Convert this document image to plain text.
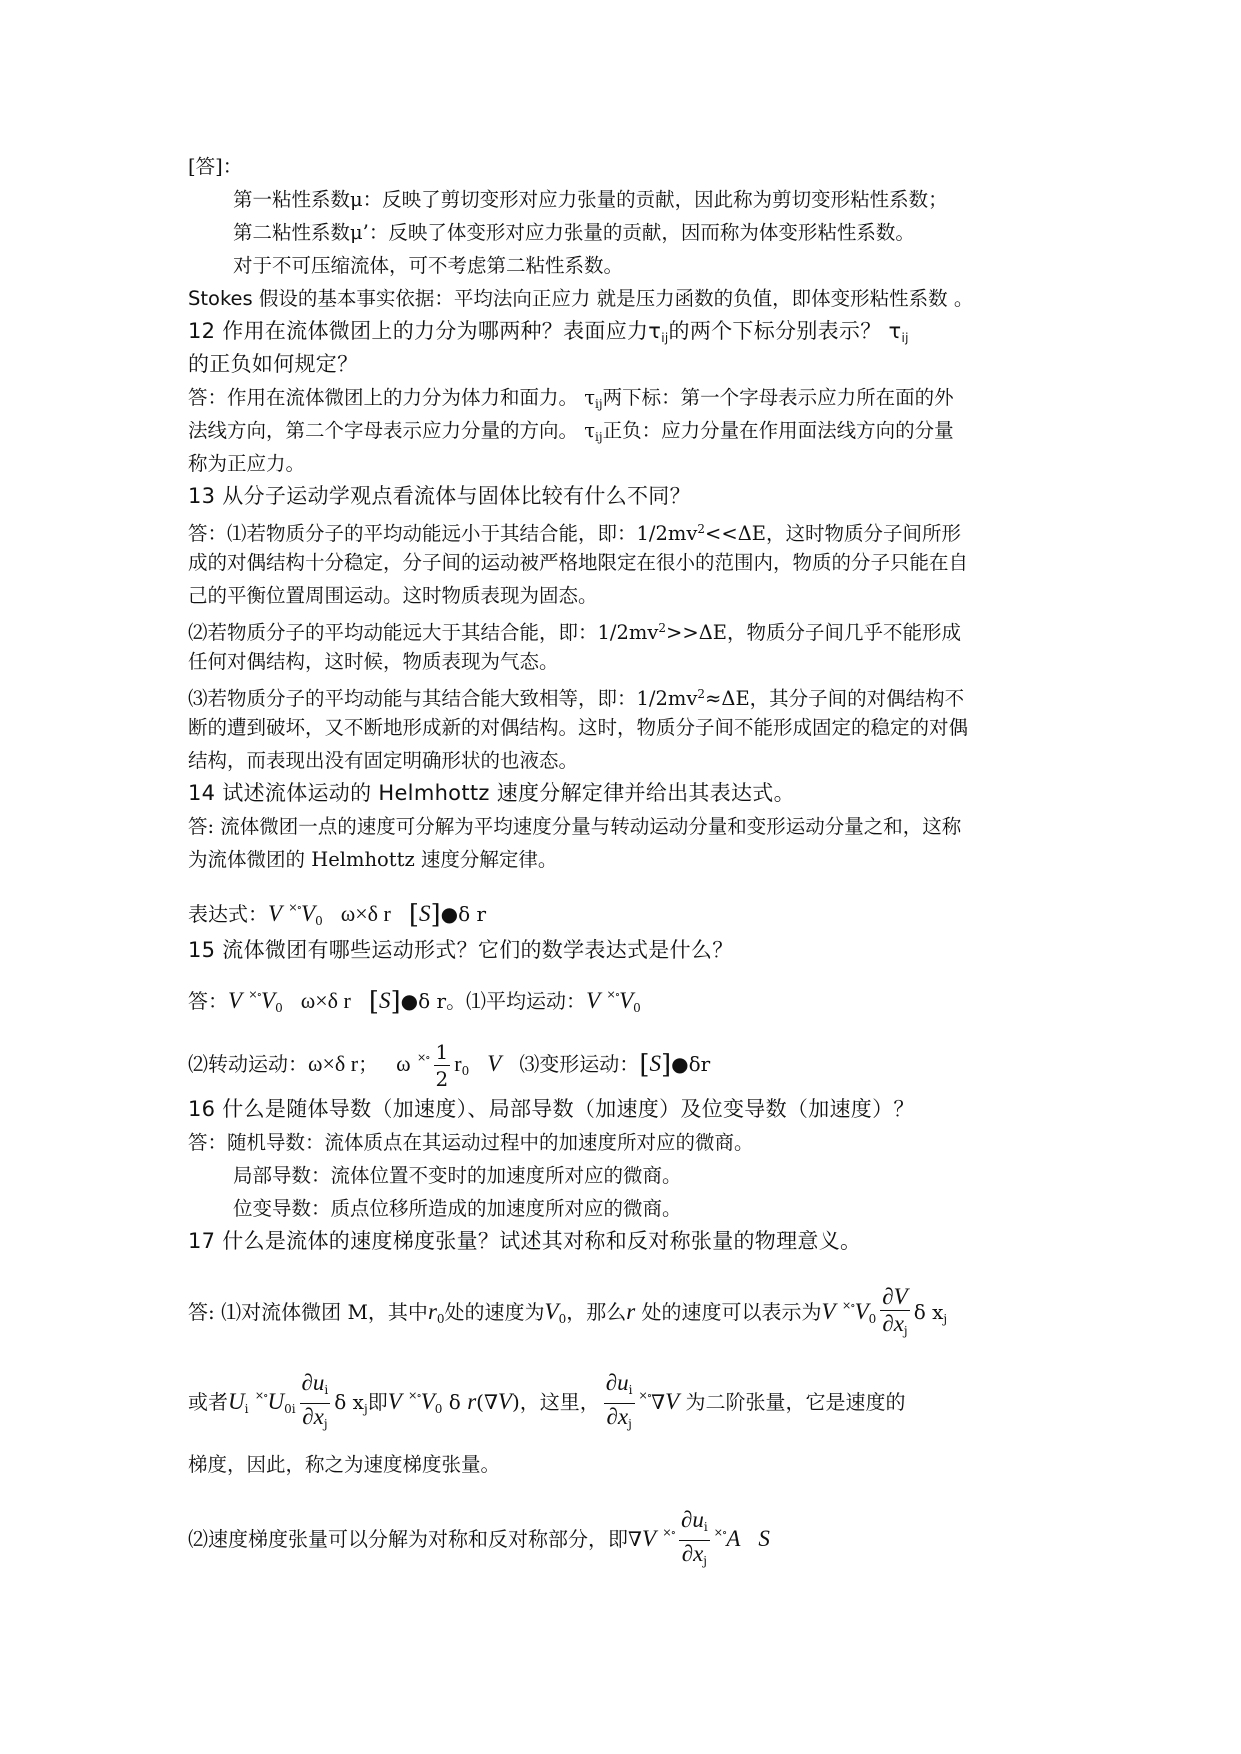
[答]：
第一粘性系数μ：反映了剪切变形对应力张量的贡献，因此称为剪切变形粘性系数；
第二粘性系数μ’：反映了体变形对应力张量的贡献，因而称为体变形粘性系数。
对于不可压缩流体，可不考虑第二粘性系数。
Stokes 假设的基本事实依据：平均法向正应力 就是压力函数的负值，即体变形粘性系数 。
12 作用在流体微团上的力分为哪两种？表面应力$\tau_{ij}$的两个下标分别表示？ $\tau_{ij}$
的正负如何规定？
答：作用在流体微团上的力分为体力和面力。 $\tau_{ij}$两下标：第一个字母表示应力所在面的外
法线方向，第二个字母表示应力分量的方向。 $\tau_{ij}$正负：应力分量在作用面法线方向的分量
称为正应力。
13 从分子运动学观点看流体与固体比较有什么不同？
答：⑴若物质分子的平均动能远小于其结合能，即：$1/2mv^2<<\Delta E$，这时物质分子间所形
成的对偶结构十分稳定，分子间的运动被严格地限定在很小的范围内，物质的分子只能在自
己的平衡位置周围运动。这时物质表现为固态。
⑵若物质分子的平均动能远大于其结合能，即：$1/2mv^2>>\Delta E$，物质分子间几乎不能形成
任何对偶结构，这时候，物质表现为气态。
⑶若物质分子的平均动能与其结合能大致相等，即：$1/2mv^2\approx\Delta E$，其分子间的对偶结构不
断的遭到破坏，又不断地形成新的对偶结构。这时，物质分子间不能形成固定的稳定的对偶
结构，而表现出没有固定明确形状的也液态。
14 试述流体运动的 Helmhottz 速度分解定律并给出其表达式。
答: 流体微团一点的速度可分解为平均速度分量与转动运动分量和变形运动分量之和，这称
为流体微团的 Helmhottz 速度分解定律。
表达式：V $^{\times\circ}V_0$ ω×δ r [S]●δ r
15 流体微团有哪些运动形式？它们的数学表达式是什么？
答：V $^{\times\circ}V_0$ ω×δ r [S]●δ r。⑴平均运动：V $^{\times\circ}V_0$
⑵转动运动：ω×δ r； ω $^{\times\circ} \frac{1}{2} r_0$ V ⑶变形运动：[S]●δr
16 什么是随体导数（加速度）、局部导数（加速度）及位变导数（加速度）？
答：随机导数：流体质点在其运动过程中的加速度所对应的微商。
局部导数：流体位置不变时的加速度所对应的微商。
位变导数：质点位移所造成的加速度所对应的微商。
17 什么是流体的速度梯度张量？试述其对称和反对称张量的物理意义。
答: ⑴对流体微团 M，其中$r_0$处的速度为$V_0$，那么r 处的速度可以表示为V $^{\times\circ}V_0 \frac{\partial V}{\partial x_j}$ δ $x_j$
或者$U_i$ $^{\times\circ}U_{0i} \frac{\partial u_i}{\partial x_j}$ δ $x_j$即V $^{\times\circ}V_0$ δ r(∇V)，这里， $\frac{\partial u_i}{\partial x_j} ^{\times\circ}\nabla V$ 为二阶张量，它是速度的
梯度，因此，称之为速度梯度张量。
⑵速度梯度张量可以分解为对称和反对称部分，即∇V $^{\times\circ} \frac{\partial u_i}{\partial x_j} ^{\times\circ}A$ S
